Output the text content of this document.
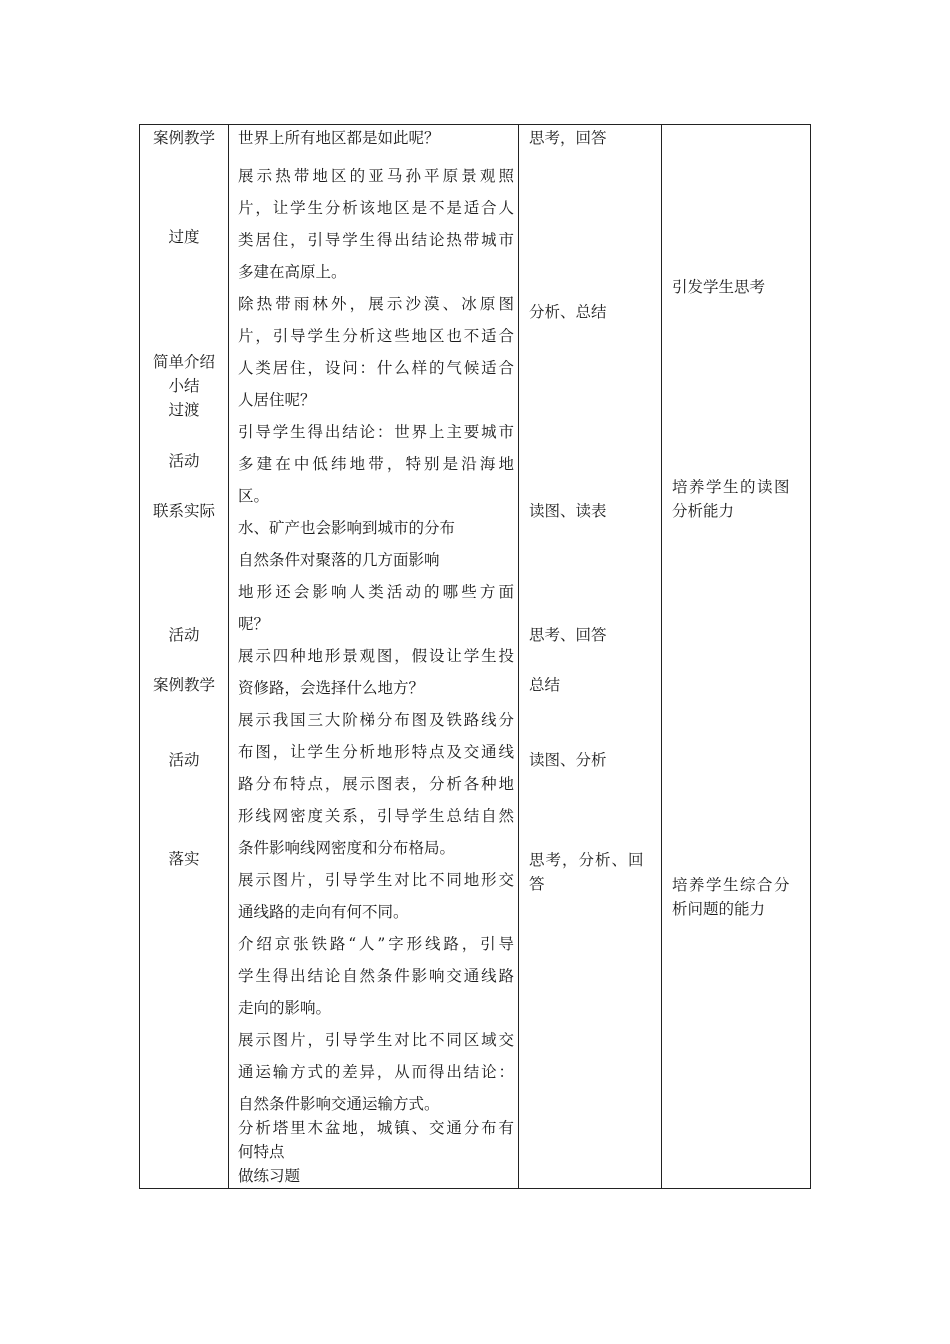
案例教学
过度
简单介绍
小结
过渡
活动
联系实际
活动
案例教学
活动
落实
世界上所有地区都是如此呢？
展示热带地区的亚马孙平原景观照
片，让学生分析该地区是不是适合人
类居住，引导学生得出结论热带城市
多建在高原上。
除热带雨林外，展示沙漠、冰原图
片，引导学生分析这些地区也不适合
人类居住，设问：什么样的气候适合
人居住呢？
引导学生得出结论：世界上主要城市
多建在中低纬地带，特别是沿海地
区。
水、矿产也会影响到城市的分布
自然条件对聚落的几方面影响
地形还会影响人类活动的哪些方面
呢？
展示四种地形景观图，假设让学生投
资修路，会选择什么地方？
展示我国三大阶梯分布图及铁路线分
布图，让学生分析地形特点及交通线
路分布特点，展示图表，分析各种地
形线网密度关系，引导学生总结自然
条件影响线网密度和分布格局。
展示图片，引导学生对比不同地形交
通线路的走向有何不同。
介绍京张铁路“人”字形线路，引导
学生得出结论自然条件影响交通线路
走向的影响。
展示图片，引导学生对比不同区域交
通运输方式的差异，从而得出结论：
自然条件影响交通运输方式。
分析塔里木盆地，城镇、交通分布有
何特点
做练习题
思考，回答
分析、总结
读图、读表
思考、回答
总结
读图、分析
思考，分析、回
答
引发学生思考
培养学生的读图
分析能力
培养学生综合分
析问题的能力
